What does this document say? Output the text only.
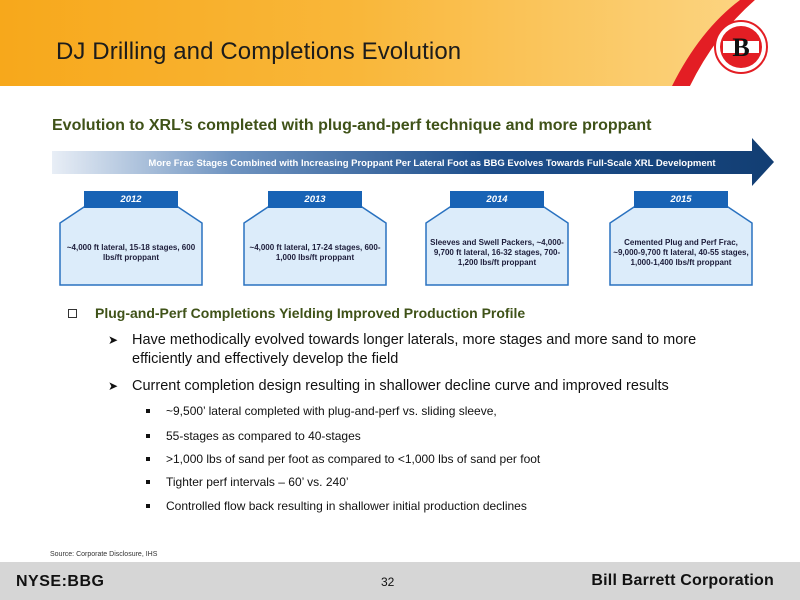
DJ Drilling and Completions Evolution	B
Evolution to XRL’s completed with plug-and-perf technique and more proppant
More Frac Stages Combined with Increasing Proppant Per Lateral Foot as BBG Evolves Towards Full-Scale XRL Development
2012
~4,000 ft lateral, 15-18 stages, 600 lbs/ft proppant
2013
~4,000 ft lateral, 17-24 stages, 600-1,000 lbs/ft proppant
2014
Sleeves and Swell Packers, ~4,000-9,700 ft lateral, 16-32 stages, 700-1,200 lbs/ft proppant
2015
Cemented Plug and Perf Frac, ~9,000-9,700 ft lateral, 40-55 stages, 1,000-1,400 lbs/ft proppant
Plug-and-Perf Completions Yielding Improved Production Profile
➤ Have methodically evolved towards longer laterals, more stages and more sand to more efficiently and effectively develop the field
➤ Current completion design resulting in shallower decline curve and improved results
~9,500’ lateral completed with plug-and-perf vs. sliding sleeve,
55-stages as compared to 40-stages
>1,000 lbs of sand per foot as compared to <1,000 lbs of sand per foot
Tighter perf intervals – 60’ vs. 240’
Controlled flow back resulting in shallower initial production declines
Source: Corporate Disclosure, IHS
NYSE:BBG	32	Bill Barrett Corporation
